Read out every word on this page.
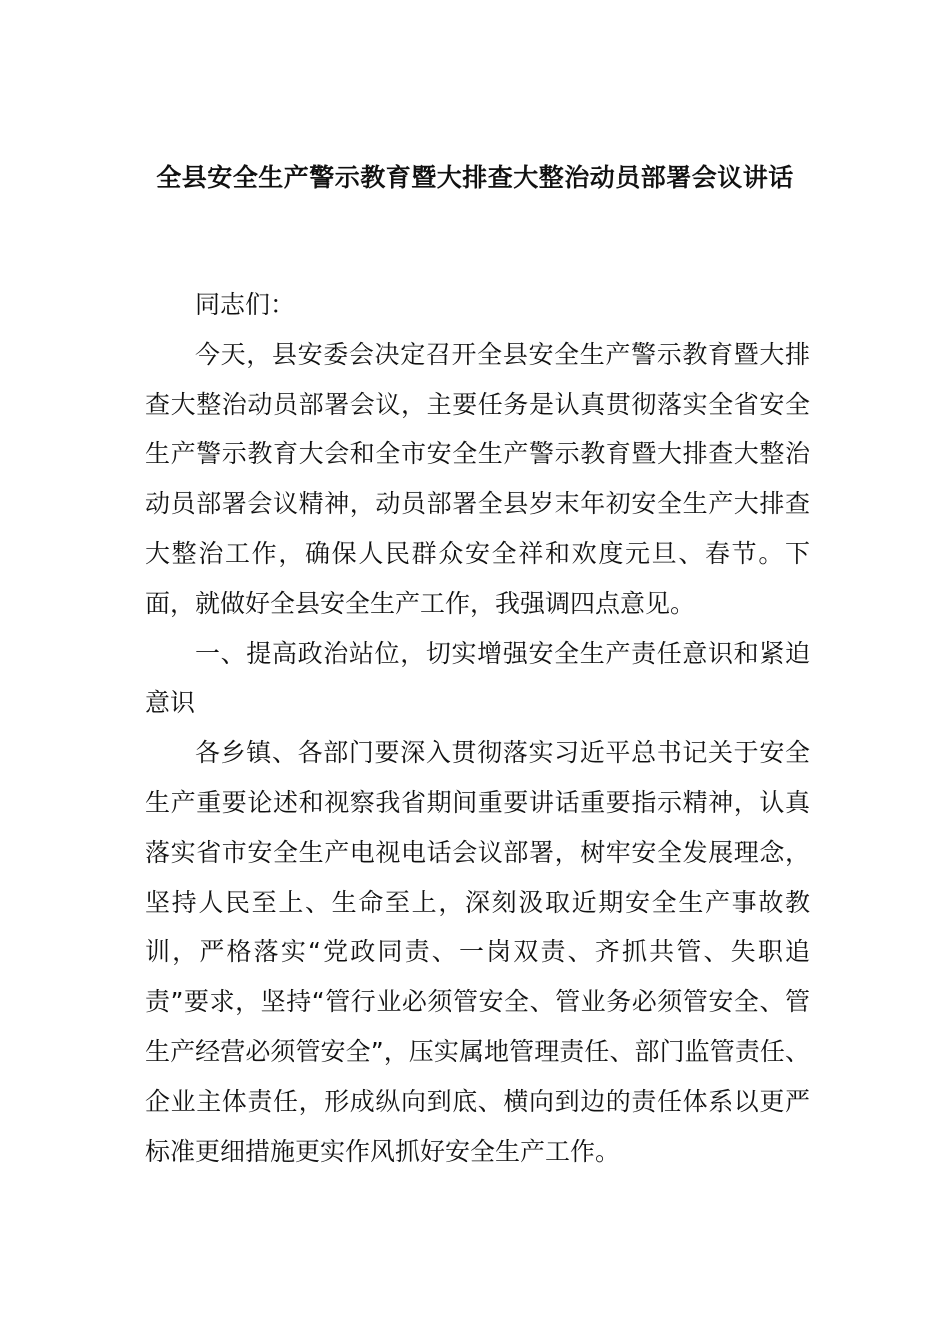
全县安全生产警示教育暨大排查大整治动员部署会议讲话

同志们：

今天，县安委会决定召开全县安全生产警示教育暨大排查大整治动员部署会议，主要任务是认真贯彻落实全省安全生产警示教育大会和全市安全生产警示教育暨大排查大整治动员部署会议精神，动员部署全县岁末年初安全生产大排查大整治工作，确保人民群众安全祥和欢度元旦、春节。下面，就做好全县安全生产工作，我强调四点意见。

一、提高政治站位，切实增强安全生产责任意识和紧迫意识

各乡镇、各部门要深入贯彻落实习近平总书记关于安全生产重要论述和视察我省期间重要讲话重要指示精神，认真落实省市安全生产电视电话会议部署，树牢安全发展理念，坚持人民至上、生命至上，深刻汲取近期安全生产事故教训，严格落实“党政同责、一岗双责、齐抓共管、失职追责”要求，坚持“管行业必须管安全、管业务必须管安全、管生产经营必须管安全”，压实属地管理责任、部门监管责任、企业主体责任，形成纵向到底、横向到边的责任体系以更严标准更细措施更实作风抓好安全生产工作。
